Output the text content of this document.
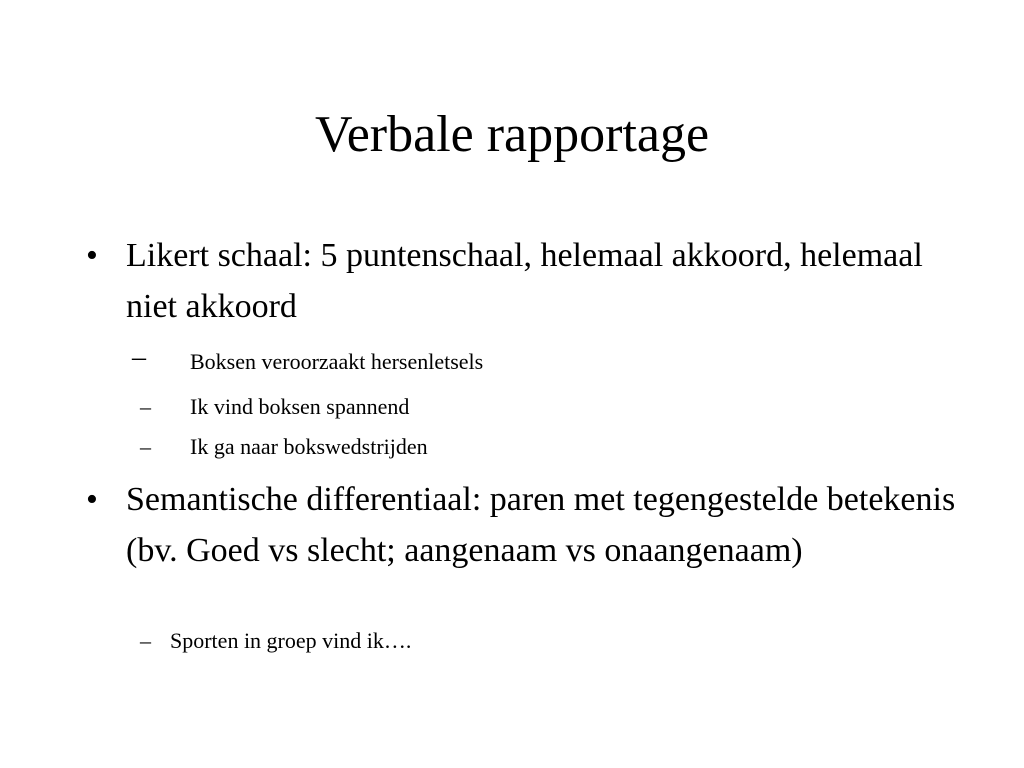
Verbale rapportage
• Likert schaal: 5 puntenschaal, helemaal akkoord, helemaal niet akkoord
– Boksen veroorzaakt hersenletsels
– Ik vind boksen spannend
– Ik ga naar bokswedstrijden
• Semantische differentiaal: paren met tegengestelde betekenis (bv. Goed vs slecht; aangenaam vs onaangenaam)
– Sporten in groep vind ik….
